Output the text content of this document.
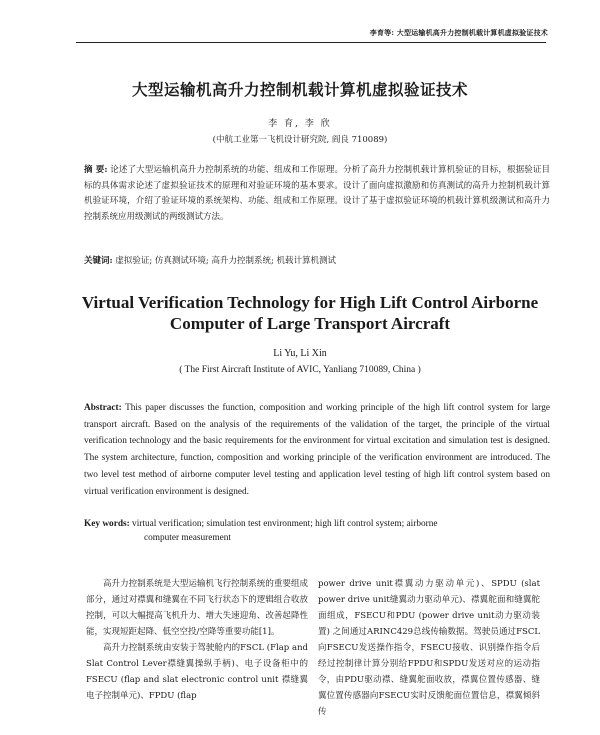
李育等: 大型运输机高升力控制机载计算机虚拟验证技术
大型运输机高升力控制机载计算机虚拟验证技术
李 育, 李 欣
(中航工业第一飞机设计研究院, 阎良 710089)
摘 要: 论述了大型运输机高升力控制系统的功能、组成和工作原理。分析了高升力控制机载计算机验证的目标，根据验证目标的具体需求论述了虚拟验证技术的原理和对验证环境的基本要求。设计了面向虚拟激励和仿真测试的高升力控制机载计算机验证环境，介绍了验证环境的系统架构、功能、组成和工作原理。设计了基于虚拟验证环境的机载计算机级测试和高升力控制系统应用级测试的两级测试方法。
关键词: 虚拟验证; 仿真测试环境; 高升力控制系统; 机载计算机测试
Virtual Verification Technology for High Lift Control Airborne Computer of Large Transport Aircraft
Li Yu, Li Xin
( The First Aircraft Institute of AVIC, Yanliang 710089, China )
Abstract: This paper discusses the function, composition and working principle of the high lift control system for large transport aircraft. Based on the analysis of the requirements of the validation of the target, the principle of the virtual verification technology and the basic requirements for the environment for virtual excitation and simulation test is designed. The system architecture, function, composition and working principle of the verification environment are introduced. The two level test method of airborne computer level testing and application level testing of high lift control system based on virtual verification environment is designed.
Key words: virtual verification; simulation test environment; high lift control system; airborne
computer measurement

高升力控制系统是大型运输机飞行控制系统的重要组成部分，通过对襟翼和缝翼在不同飞行状态下的逻辑组合收放控制，可以大幅提高飞机升力、增大失速迎角、改善起降性能，实现短距起降、低空空投/空降等重要功能[1]。

高升力控制系统由安装于驾驶舱内的FSCL (Flap and Slat Control Lever襟缝翼操纵手柄)、电子设备柜中的FSECU (flap and slat electronic control unit 襟缝翼电子控制单元)、FPDU (flap

power drive unit襟翼动力驱动单元)、SPDU (slat power drive unit缝翼动力驱动单元)、襟翼舵面和缝翼舵面组成，FSECU和PDU (power drive unit动力驱动装置) 之间通过ARINC429总线传输数据。驾驶员通过FSCL向FSECU发送操作指令，FSECU接收、识别操作指令后经过控制律计算分别给FPDU和SPDU发送对应的运动指令，由PDU驱动襟、缝翼舵面收放，襟翼位置传感器、缝翼位置传感器向FSECU实时反馈舵面位置信息，襟翼倾斜传
